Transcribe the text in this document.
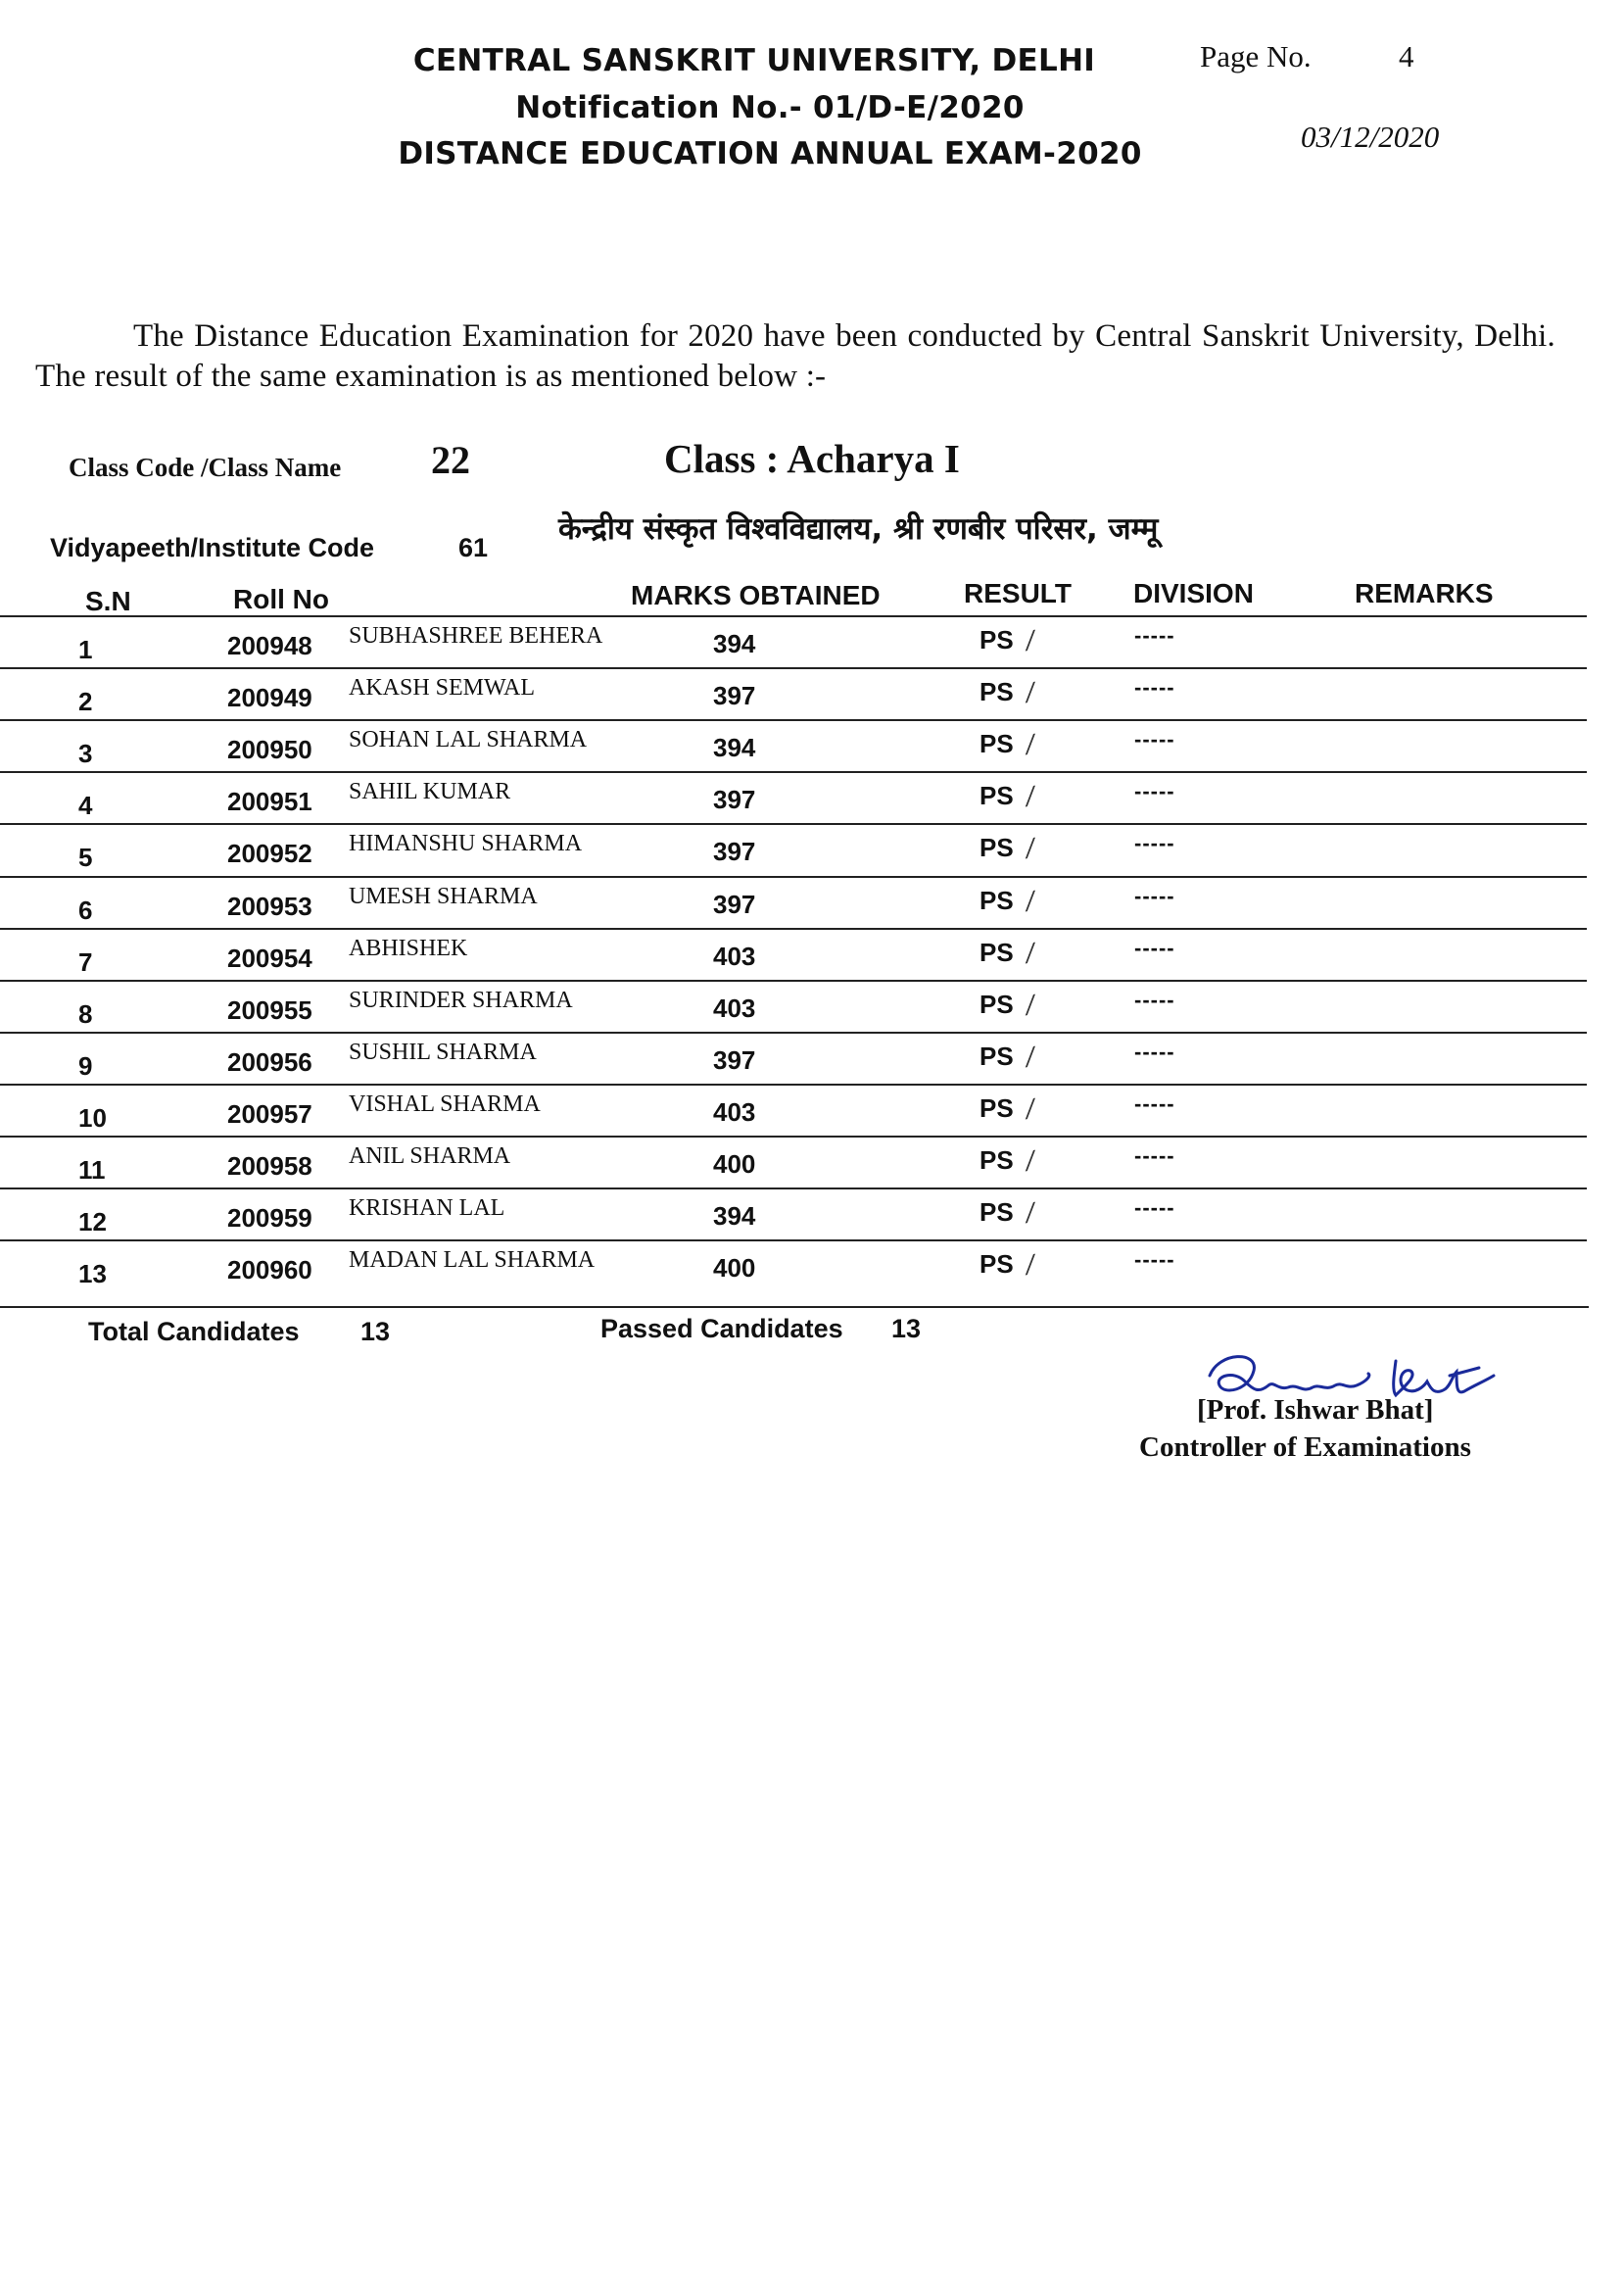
CENTRAL SANSKRIT UNIVERSITY, DELHI
Notification No.- 01/D-E/2020
DISTANCE EDUCATION ANNUAL EXAM-2020
Page No.	4
03/12/2020
The Distance Education Examination for 2020 have been conducted by Central Sanskrit University, Delhi. The result of the same examination is as mentioned below :-
Class Code /Class Name 22	Class : Acharya I
Vidyapeeth/Institute Code	61
केन्द्रीय संस्कृत विश्वविद्यालय, श्री रणबीर परिसर, जम्मू
S.N	Roll No	MARKS OBTAINED	RESULT DIVISION	REMARKS
1	200948 SUBHASHREE BEHERA	394	PS	-----
⁄
2	200949 AKASH SEMWAL	397	PS	-----
⁄
3	200950 SOHAN LAL SHARMA	394	PS	-----
⁄
4	200951 SAHIL KUMAR	397	PS	-----
⁄
5	200952 HIMANSHU SHARMA	397	PS	-----
⁄
6	200953 UMESH SHARMA	397	PS	-----
⁄
7	200954 ABHISHEK	403	PS	-----
⁄
8	200955 SURINDER SHARMA	403	PS	-----
⁄
9	200956 SUSHIL SHARMA	397	PS	-----
⁄
10	200957 VISHAL SHARMA	403	PS	-----
⁄
11	200958 ANIL SHARMA	400	PS	-----
⁄
12	200959 KRISHAN LAL	394	PS	-----
⁄
13	200960 MADAN LAL SHARMA	400	PS	-----
⁄
Total Candidates 13	Passed Candidates 13
[Prof. Ishwar Bhat]
Controller of Examinations
